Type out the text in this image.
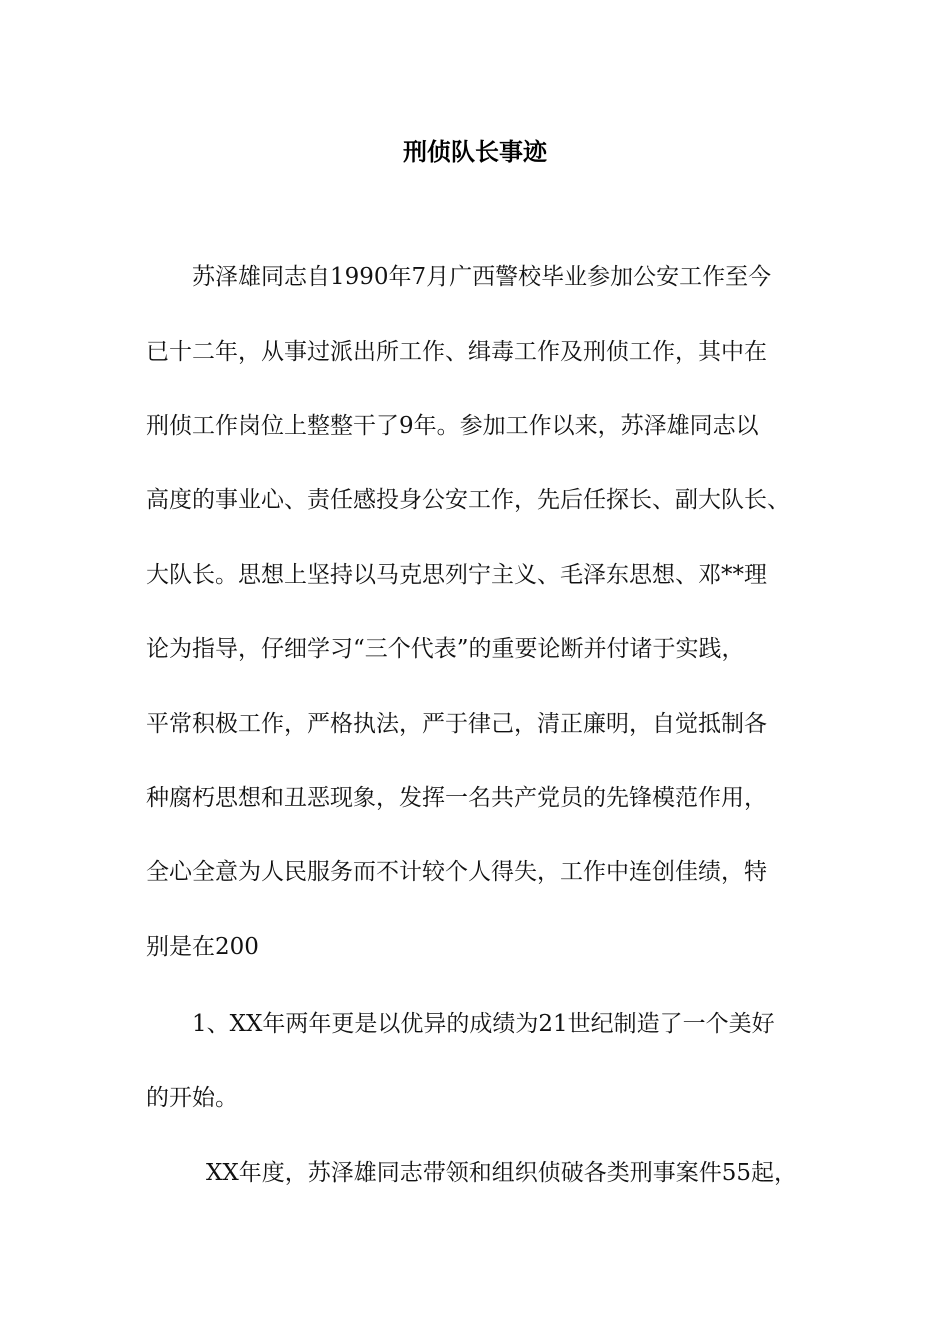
刑侦队长事迹
苏泽雄同志自1990年7月广西警校毕业参加公安工作至今
已十二年，从事过派出所工作、缉毒工作及刑侦工作，其中在
刑侦工作岗位上整整干了9年。参加工作以来，苏泽雄同志以
高度的事业心、责任感投身公安工作，先后任探长、副大队长、
大队长。思想上坚持以马克思列宁主义、毛泽东思想、邓**理
论为指导，仔细学习“三个代表”的重要论断并付诸于实践，
平常积极工作，严格执法，严于律己，清正廉明，自觉抵制各
种腐朽思想和丑恶现象，发挥一名共产党员的先锋模范作用，
全心全意为人民服务而不计较个人得失，工作中连创佳绩，特
别是在200
1、XX年两年更是以优异的成绩为21世纪制造了一个美好
的开始。
XX年度，苏泽雄同志带领和组织侦破各类刑事案件55起，
